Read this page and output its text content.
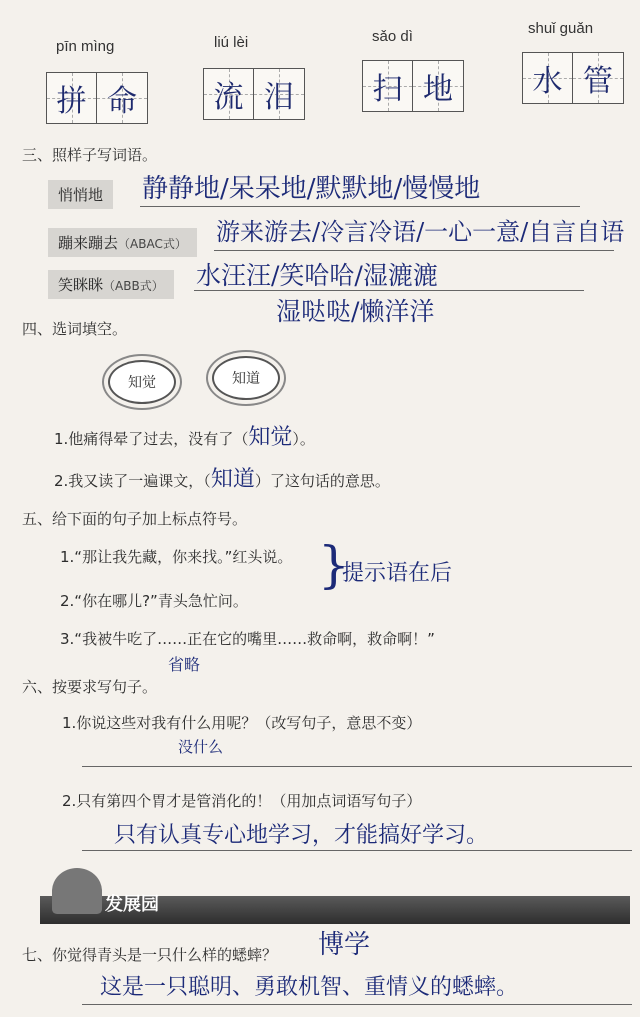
pīn mìng
拼 命
liú lèi
流 泪
sǎo dì
扫 地
shuǐ guǎn
水 管
三、照样子写词语。
悄悄地	静静地/呆呆地/默默地/慢慢地
蹦来蹦去（ABAC式）	游来游去/冷言冷语/一心一意/自言自语
笑眯眯（ABB式）	水汪汪/笑哈哈/湿漉漉
湿哒哒/懒洋洋
四、选词填空。
知觉	知道
1.他痛得晕了过去，没有了（知觉）。
2.我又读了一遍课文，（知道）了这句话的意思。
五、给下面的句子加上标点符号。
1.“那让我先藏，你来找。”红头说。
2.“你在哪儿?”青头急忙问。
3.“我被牛吃了……正在它的嘴里……救命啊，救命啊！”
}
提示语在后
六、按要求写句子。
省略
1.你说这些对我有什么用呢？（改写句子，意思不变）
没什么
2.只有第四个胃才是管消化的！（用加点词语写句子）
只有认真专心地学习，才能搞好学习。
发展园
七、你觉得青头是一只什么样的蟋蟀？ 博学
这是一只聪明、勇敢机智、重情义的蟋蟀。
